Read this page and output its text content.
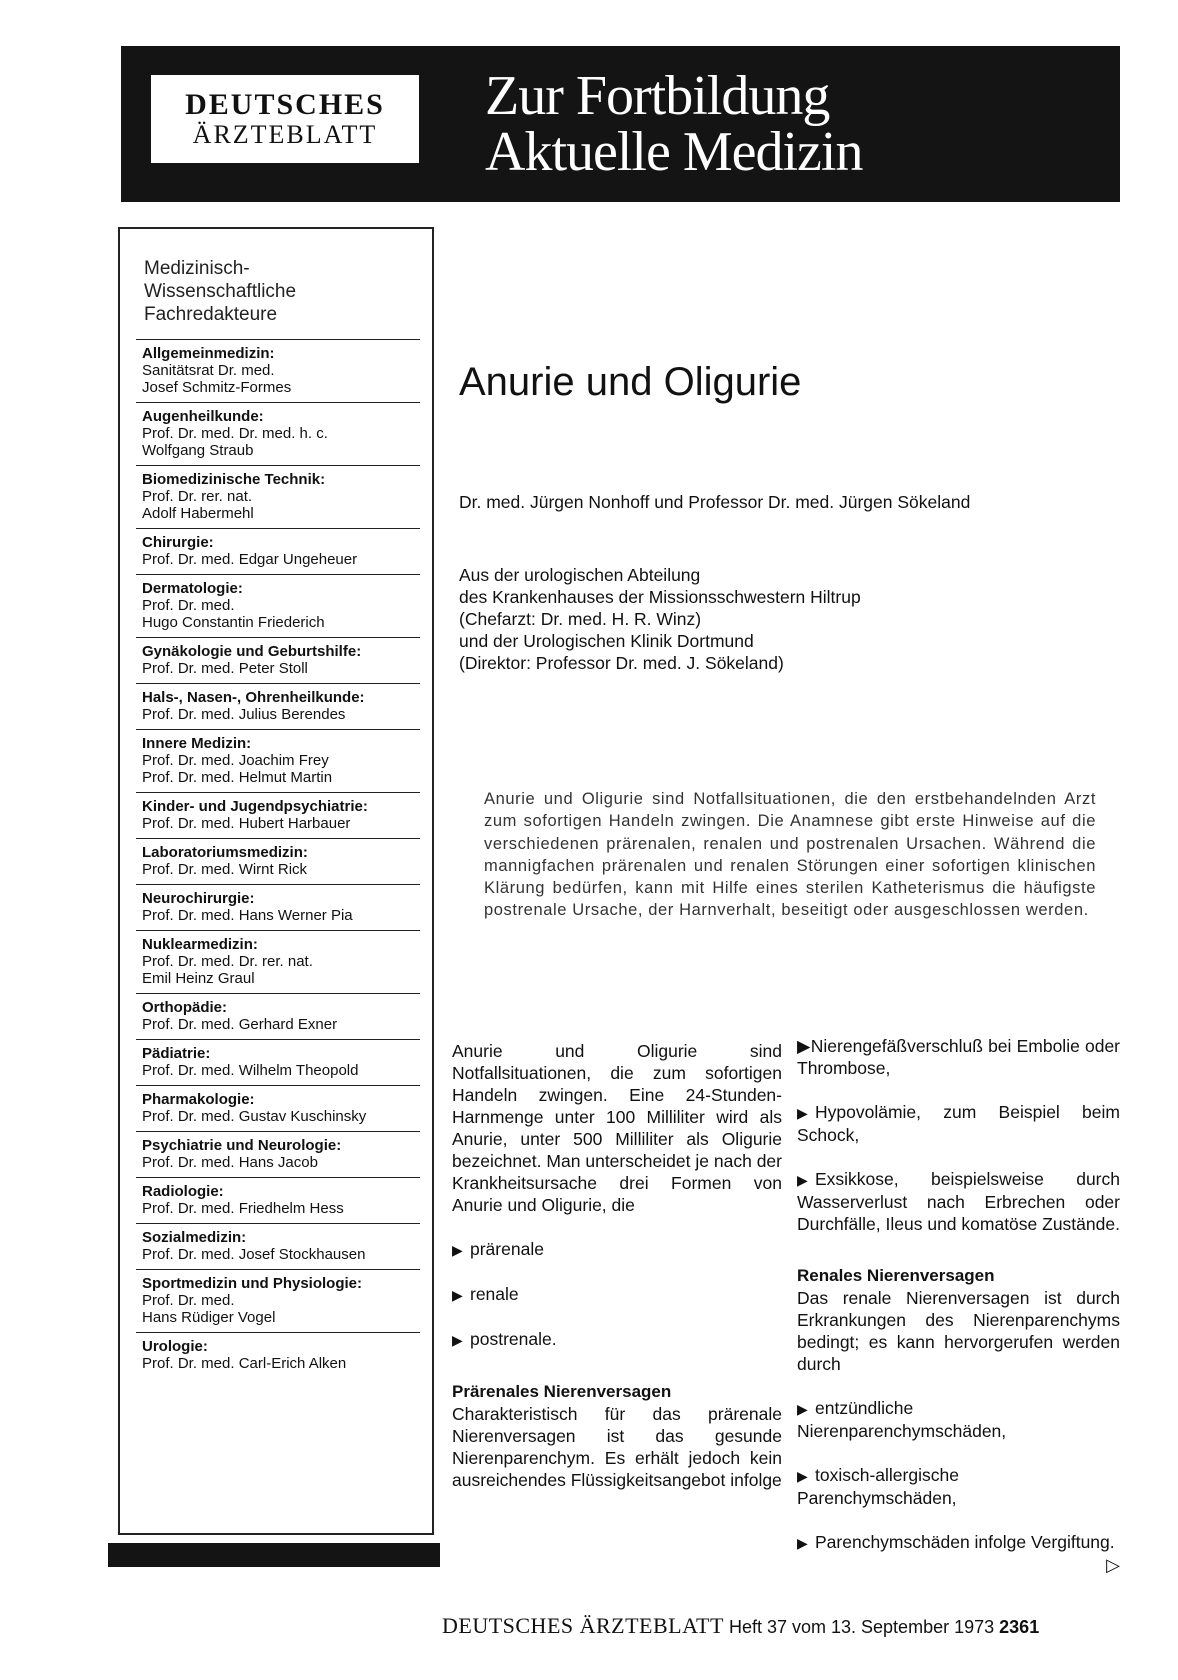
DEUTSCHES
ÄRZTEBLATT
Zur Fortbildung
Aktuelle Medizin
Medizinisch-
Wissenschaftliche
Fachredakteure
Allgemeinmedizin:
Sanitätsrat Dr. med.
Josef Schmitz-Formes
Augenheilkunde:
Prof. Dr. med. Dr. med. h. c.
Wolfgang Straub
Biomedizinische Technik:
Prof. Dr. rer. nat.
Adolf Habermehl
Chirurgie:
Prof. Dr. med. Edgar Ungeheuer
Dermatologie:
Prof. Dr. med.
Hugo Constantin Friederich
Gynäkologie und Geburtshilfe:
Prof. Dr. med. Peter Stoll
Hals-, Nasen-, Ohrenheilkunde:
Prof. Dr. med. Julius Berendes
Innere Medizin:
Prof. Dr. med. Joachim Frey
Prof. Dr. med. Helmut Martin
Kinder- und Jugendpsychiatrie:
Prof. Dr. med. Hubert Harbauer
Laboratoriumsmedizin:
Prof. Dr. med. Wirnt Rick
Neurochirurgie:
Prof. Dr. med. Hans Werner Pia
Nuklearmedizin:
Prof. Dr. med. Dr. rer. nat.
Emil Heinz Graul
Orthopädie:
Prof. Dr. med. Gerhard Exner
Pädiatrie:
Prof. Dr. med. Wilhelm Theopold
Pharmakologie:
Prof. Dr. med. Gustav Kuschinsky
Psychiatrie und Neurologie:
Prof. Dr. med. Hans Jacob
Radiologie:
Prof. Dr. med. Friedhelm Hess
Sozialmedizin:
Prof. Dr. med. Josef Stockhausen
Sportmedizin und Physiologie:
Prof. Dr. med.
Hans Rüdiger Vogel
Urologie:
Prof. Dr. med. Carl-Erich Alken
Anurie und Oligurie
Dr. med. Jürgen Nonhoff und Professor Dr. med. Jürgen Sökeland
Aus der urologischen Abteilung
des Krankenhauses der Missionsschwestern Hiltrup
(Chefarzt: Dr. med. H. R. Winz)
und der Urologischen Klinik Dortmund
(Direktor: Professor Dr. med. J. Sökeland)
Anurie und Oligurie sind Notfallsituationen, die den erstbehandelnden Arzt zum sofortigen Handeln zwingen. Die Anamnese gibt erste Hinweise auf die verschiedenen prärenalen, renalen und postrenalen Ursachen. Während die mannigfachen prärenalen und renalen Störungen einer sofortigen klinischen Klärung bedürfen, kann mit Hilfe eines sterilen Katheterismus die häufigste postrenale Ursache, der Harnverhalt, beseitigt oder ausgeschlossen werden.

Anurie und Oligurie sind Notfallsituationen, die zum sofortigen Handeln zwingen. Eine 24-Stunden-Harnmenge unter 100 Milliliter wird als Anurie, unter 500 Milliliter als Oligurie bezeichnet. Man unterscheidet je nach der Krankheitsursache drei Formen von Anurie und Oligurie, die

▶ prärenale
▶ renale
▶ postrenale.
Prärenales Nierenversagen

Charakteristisch für das prärenale Nierenversagen ist das gesunde Nierenparenchym. Es erhält jedoch kein ausreichendes Flüssigkeitsangebot infolge

▶Nierengefäßverschluß bei Embolie oder Thrombose,
▶ Hypovolämie, zum Beispiel beim Schock,
▶ Exsikkose, beispielsweise durch Wasserverlust nach Erbrechen oder Durchfälle, Ileus und komatöse Zustände.
Renales Nierenversagen

Das renale Nierenversagen ist durch Erkrankungen des Nierenparenchyms bedingt; es kann hervorgerufen werden durch

▶ entzündliche Nierenparenchymschäden,
▶ toxisch-allergische Parenchymschäden,
▶ Parenchymschäden infolge Vergiftung.
▷
DEUTSCHES ÄRZTEBLATT Heft 37 vom 13. September 1973 2361
